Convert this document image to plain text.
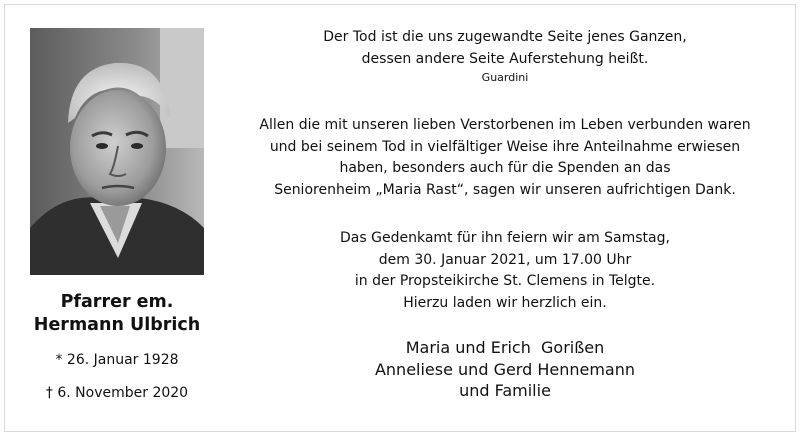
Pfarrer em.
Hermann Ulbrich
* 26. Januar 1928
† 6. November 2020
Der Tod ist die uns zugewandte Seite jenes Ganzen,
dessen andere Seite Auferstehung heißt.
Guardini
Allen die mit unseren lieben Verstorbenen im Leben verbunden waren
und bei seinem Tod in vielfältiger Weise ihre Anteilnahme erwiesen
haben, besonders auch für die Spenden an das
Seniorenheim „Maria Rast“, sagen wir unseren aufrichtigen Dank.
Das Gedenkamt für ihn feiern wir am Samstag,
dem 30. Januar 2021, um 17.00 Uhr
in der Propsteikirche St. Clemens in Telgte.
Hierzu laden wir herzlich ein.
Maria und Erich  Gorißen
Anneliese und Gerd Hennemann
und Familie
